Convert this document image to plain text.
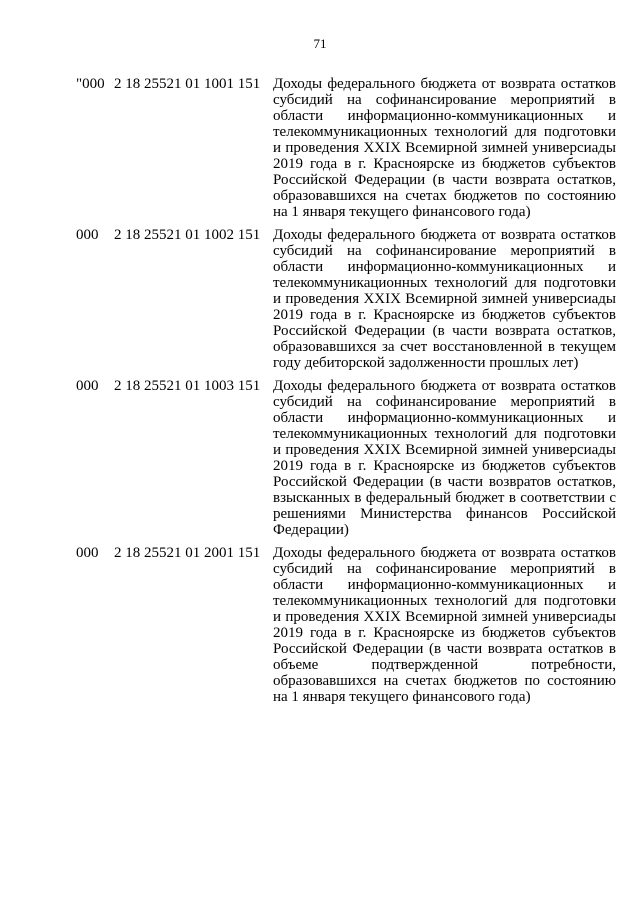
71
"000 2 18 25521 01 1001 151 Доходы федерального бюджета от возврата остатков субсидий на софинансирование мероприятий в области информационно-коммуникационных и телекоммуникационных технологий для подготовки и проведения XXIX Всемирной зимней универсиады 2019 года в г. Красноярске из бюджетов субъектов Российской Федерации (в части возврата остатков, образовавшихся на счетах бюджетов по состоянию на 1 января текущего финансового года)
000	2 18 25521 01 1002 151 Доходы федерального бюджета от возврата остатков субсидий на софинансирование мероприятий в области информационно-коммуникационных и телекоммуникационных технологий для подготовки и проведения XXIX Всемирной зимней универсиады 2019 года в г. Красноярске из бюджетов субъектов Российской Федерации (в части возврата остатков, образовавшихся за счет восстановленной в текущем году дебиторской задолженности прошлых лет)
000	2 18 25521 01 1003 151 Доходы федерального бюджета от возврата остатков субсидий на софинансирование мероприятий в области информационно-коммуникационных и телекоммуникационных технологий для подготовки и проведения XXIX Всемирной зимней универсиады 2019 года в г. Красноярске из бюджетов субъектов Российской Федерации (в части возвратов остатков, взысканных в федеральный бюджет в соответствии с решениями Министерства финансов Российской Федерации)
000	2 18 25521 01 2001 151 Доходы федерального бюджета от возврата остатков субсидий на софинансирование мероприятий в области информационно-коммуникационных и телекоммуникационных технологий для подготовки и проведения XXIX Всемирной зимней универсиады 2019 года в г. Красноярске из бюджетов субъектов Российской Федерации (в части возврата остатков в объеме подтвержденной потребности, образовавшихся на счетах бюджетов по состоянию на 1 января текущего финансового года)
